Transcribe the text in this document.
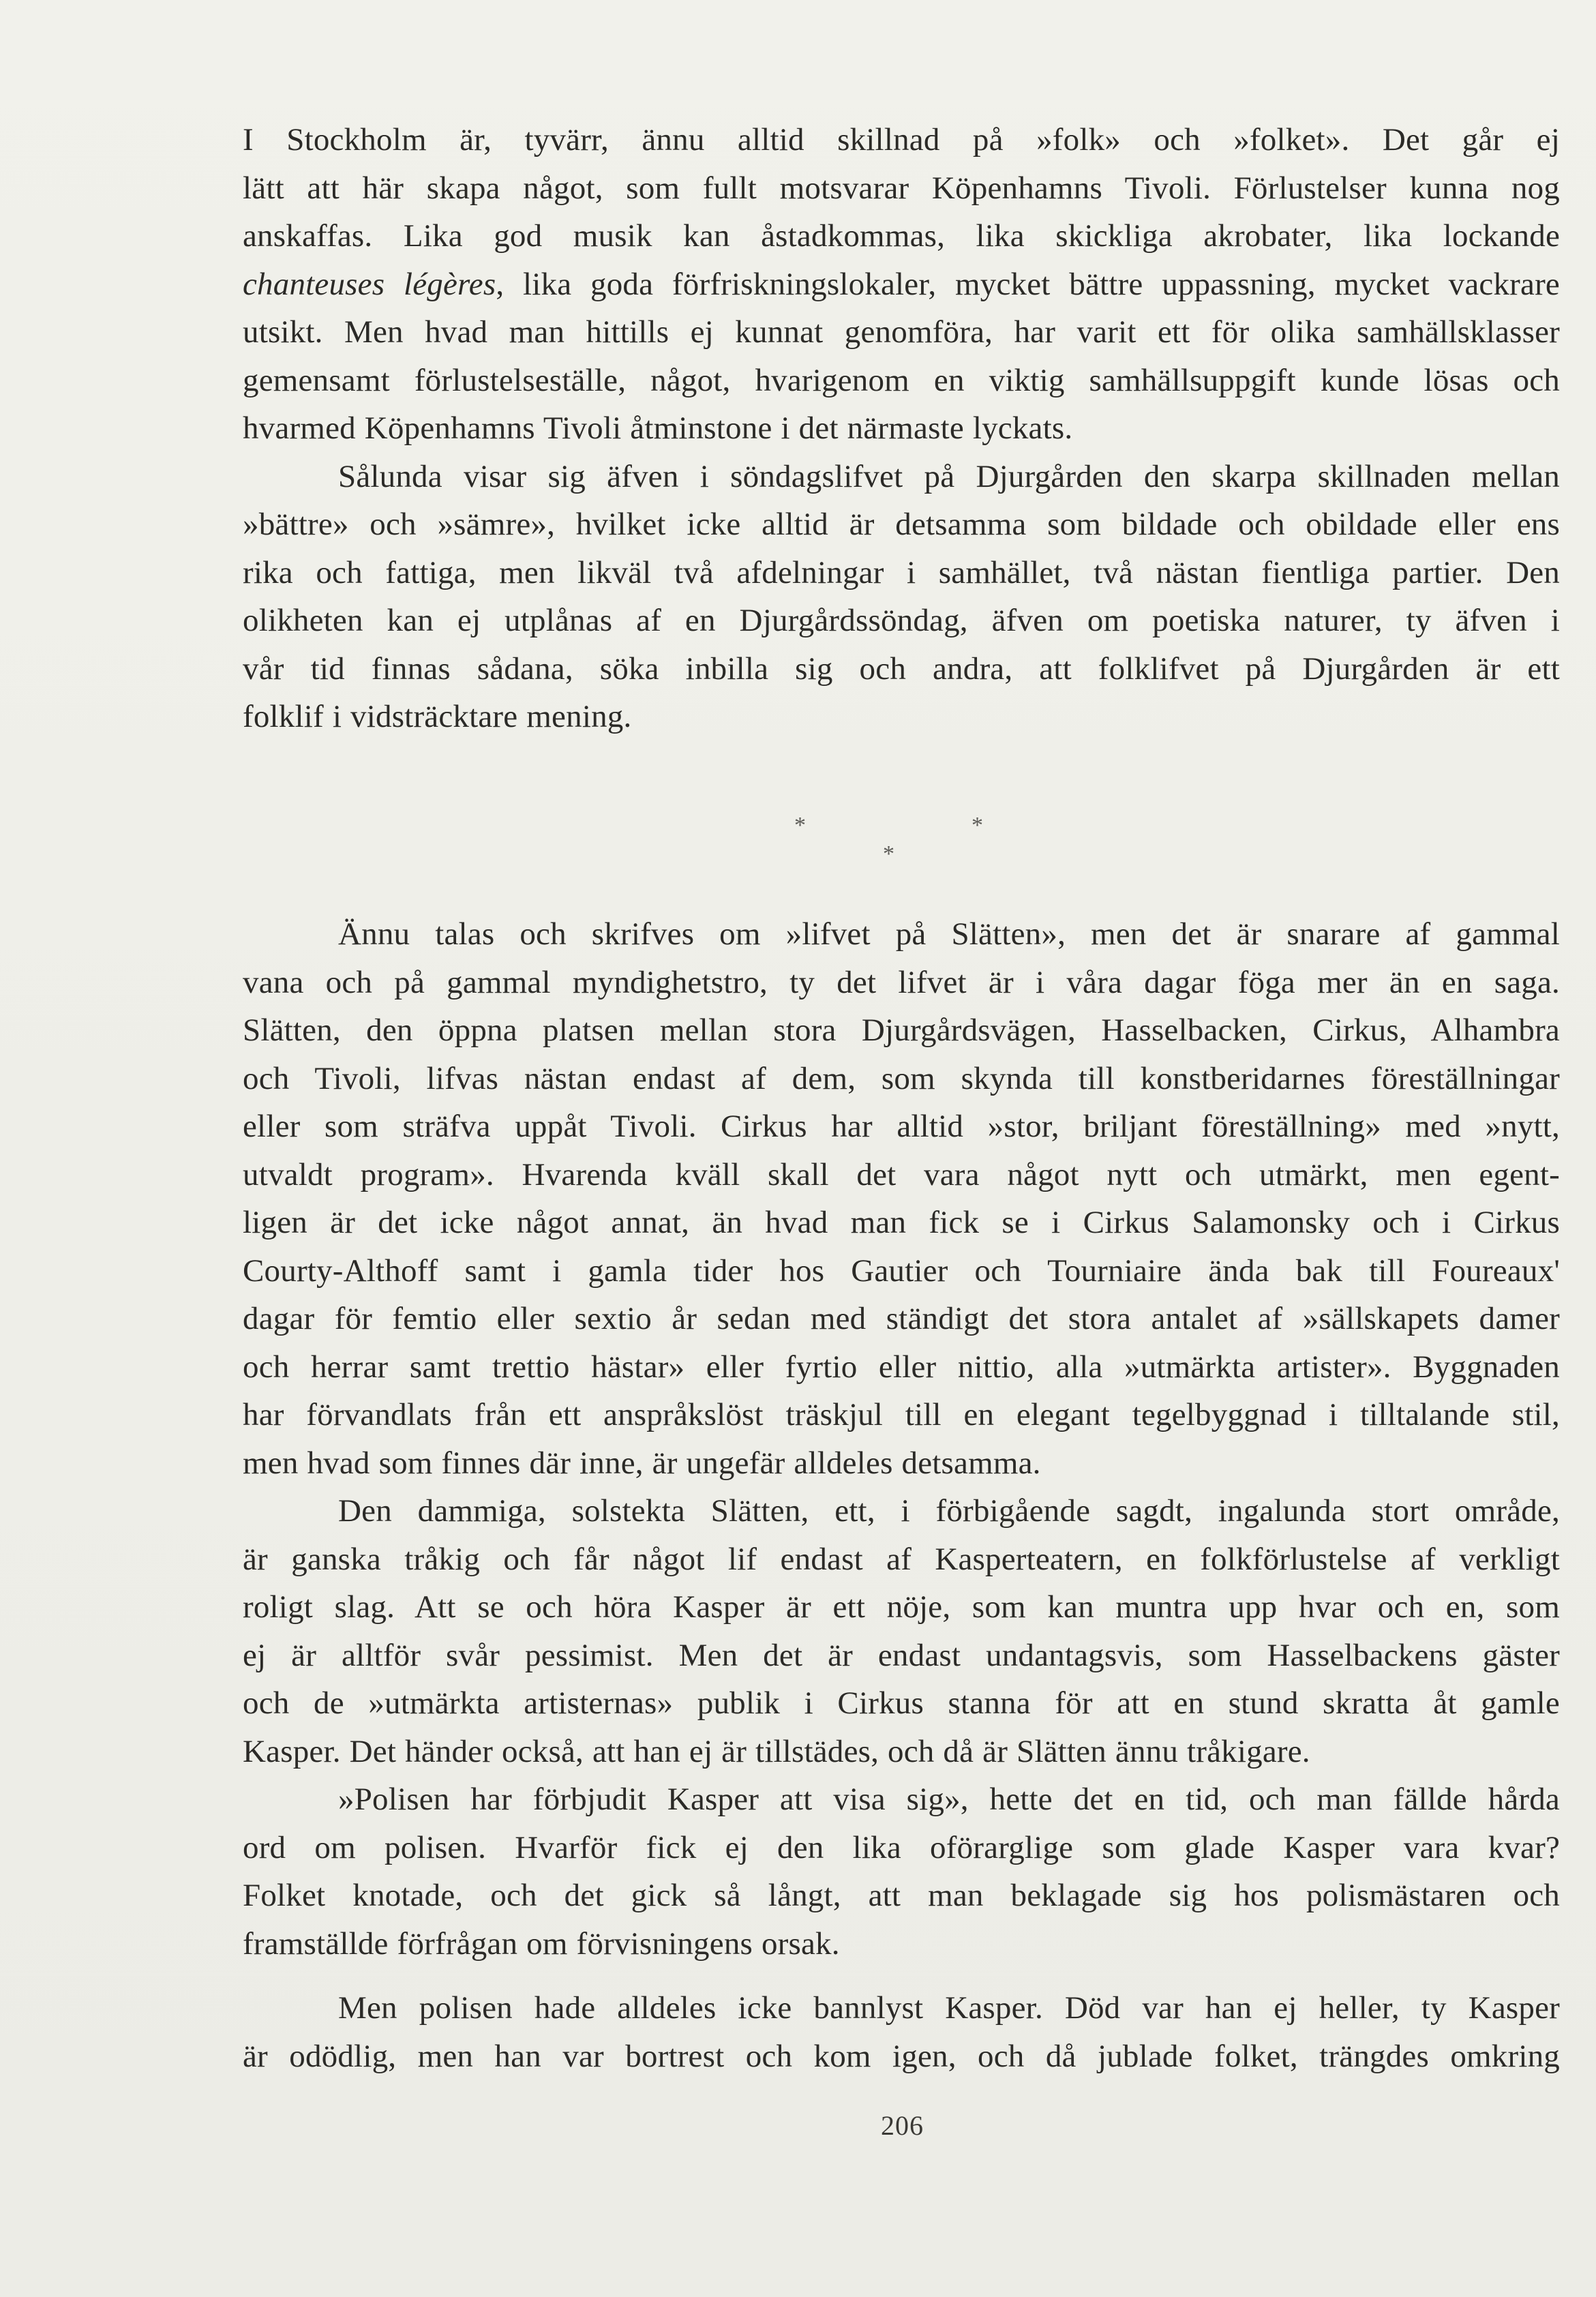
I Stockholm är, tyvärr, ännu alltid skillnad på »folk» och »folket». Det går ej
lätt att här skapa något, som fullt motsvarar Köpenhamns Tivoli. Förlustelser kunna nog
anskaffas. Lika god musik kan åstadkommas, lika skickliga akrobater, lika lockande
chanteuses légères, lika goda förfriskningslokaler, mycket bättre uppassning, mycket vackrare
utsikt. Men hvad man hittills ej kunnat genomföra, har varit ett för olika samhällsklasser
gemensamt förlustelseställe, något, hvarigenom en viktig samhällsuppgift kunde lösas och
hvarmed Köpenhamns Tivoli åtminstone i det närmaste lyckats.
Sålunda visar sig äfven i söndagslifvet på Djurgården den skarpa skillnaden mellan
»bättre» och »sämre», hvilket icke alltid är detsamma som bildade och obildade eller ens
rika och fattiga, men likväl två afdelningar i samhället, två nästan fientliga partier. Den
olikheten kan ej utplånas af en Djurgårdssöndag, äfven om poetiska naturer, ty äfven i
vår tid finnas sådana, söka inbilla sig och andra, att folklifvet på Djurgården är ett
folklif i vidsträcktare mening.
*	*
*
Ännu talas och skrifves om »lifvet på Slätten», men det är snarare af gammal
vana och på gammal myndighetstro, ty det lifvet är i våra dagar föga mer än en saga.
Slätten, den öppna platsen mellan stora Djurgårdsvägen, Hasselbacken, Cirkus, Alhambra
och Tivoli, lifvas nästan endast af dem, som skynda till konstberidarnes föreställningar
eller som sträfva uppåt Tivoli. Cirkus har alltid »stor, briljant föreställning» med »nytt,
utvaldt program». Hvarenda kväll skall det vara något nytt och utmärkt, men egent-
ligen är det icke något annat, än hvad man fick se i Cirkus Salamonsky och i Cirkus
Courty-Althoff samt i gamla tider hos Gautier och Tourniaire ända bak till Foureaux'
dagar för femtio eller sextio år sedan med ständigt det stora antalet af »sällskapets damer
och herrar samt trettio hästar» eller fyrtio eller nittio, alla »utmärkta artister». Byggnaden
har förvandlats från ett anspråkslöst träskjul till en elegant tegelbyggnad i tilltalande stil,
men hvad som finnes där inne, är ungefär alldeles detsamma.
Den dammiga, solstekta Slätten, ett, i förbigående sagdt, ingalunda stort område,
är ganska tråkig och får något lif endast af Kasperteatern, en folkförlustelse af verkligt
roligt slag. Att se och höra Kasper är ett nöje, som kan muntra upp hvar och en, som
ej är alltför svår pessimist. Men det är endast undantagsvis, som Hasselbackens gäster
och de »utmärkta artisternas» publik i Cirkus stanna för att en stund skratta åt gamle
Kasper. Det händer också, att han ej är tillstädes, och då är Slätten ännu tråkigare.
»Polisen har förbjudit Kasper att visa sig», hette det en tid, och man fällde hårda
ord om polisen. Hvarför fick ej den lika oförarglige som glade Kasper vara kvar?
Folket knotade, och det gick så långt, att man beklagade sig hos polismästaren och
framställde förfrågan om förvisningens orsak.
Men polisen hade alldeles icke bannlyst Kasper. Död var han ej heller, ty Kasper
är odödlig, men han var bortrest och kom igen, och då jublade folket, trängdes omkring
206
